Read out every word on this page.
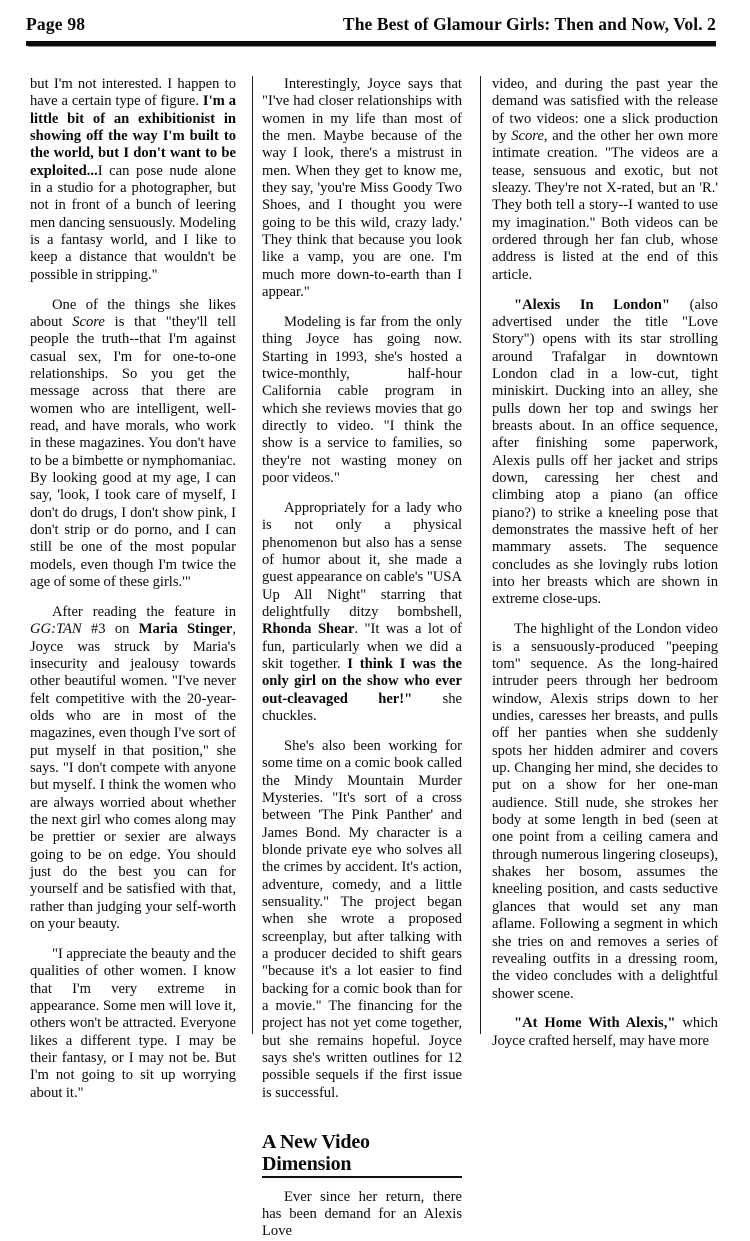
Page 98	The Best of Glamour Girls: Then and Now, Vol. 2

but I'm not interested. I happen to have a certain type of figure. I'm a little bit of an exhibitionist in showing off the way I'm built to the world, but I don't want to be exploited...I can pose nude alone in a studio for a photographer, but not in front of a bunch of leering men dancing sensuously. Modeling is a fantasy world, and I like to keep a distance that wouldn't be possible in stripping."

One of the things she likes about Score is that "they'll tell people the truth--that I'm against casual sex, I'm for one-to-one relationships. So you get the message across that there are women who are intelligent, well-read, and have morals, who work in these magazines. You don't have to be a bimbette or nymphomaniac. By looking good at my age, I can say, 'look, I took care of myself, I don't do drugs, I don't show pink, I don't strip or do porno, and I can still be one of the most popular models, even though I'm twice the age of some of these girls.'"

After reading the feature in GG:TAN #3 on Maria Stinger, Joyce was struck by Maria's insecurity and jealousy towards other beautiful women. "I've never felt competitive with the 20-year-olds who are in most of the magazines, even though I've sort of put myself in that position," she says. "I don't compete with anyone but myself. I think the women who are always worried about whether the next girl who comes along may be prettier or sexier are always going to be on edge. You should just do the best you can for yourself and be satisfied with that, rather than judging your self-worth on your beauty.

"I appreciate the beauty and the qualities of other women. I know that I'm very extreme in appearance. Some men will love it, others won't be attracted. Everyone likes a different type. I may be their fantasy, or I may not be. But I'm not going to sit up worrying about it."

Interestingly, Joyce says that "I've had closer relationships with women in my life than most of the men. Maybe because of the way I look, there's a mistrust in men. When they get to know me, they say, 'you're Miss Goody Two Shoes, and I thought you were going to be this wild, crazy lady.' They think that because you look like a vamp, you are one. I'm much more down-to-earth than I appear."

Modeling is far from the only thing Joyce has going now. Starting in 1993, she's hosted a twice-monthly, half-hour California cable program in which she reviews movies that go directly to video. "I think the show is a service to families, so they're not wasting money on poor videos."

Appropriately for a lady who is not only a physical phenomenon but also has a sense of humor about it, she made a guest appearance on cable's "USA Up All Night" starring that delightfully ditzy bombshell, Rhonda Shear. "It was a lot of fun, particularly when we did a skit together. I think I was the only girl on the show who ever out-cleavaged her!" she chuckles.

She's also been working for some time on a comic book called the Mindy Mountain Murder Mysteries. "It's sort of a cross between 'The Pink Panther' and James Bond. My character is a blonde private eye who solves all the crimes by accident. It's action, adventure, comedy, and a little sensuality." The project began when she wrote a proposed screenplay, but after talking with a producer decided to shift gears "because it's a lot easier to find backing for a comic book than for a movie." The financing for the project has not yet come together, but she remains hopeful. Joyce says she's written outlines for 12 possible sequels if the first issue is successful.

A New Video Dimension

Ever since her return, there has been demand for an Alexis Love

video, and during the past year the demand was satisfied with the release of two videos: one a slick production by Score, and the other her own more intimate creation. "The videos are a tease, sensuous and exotic, but not sleazy. They're not X-rated, but an 'R.' They both tell a story--I wanted to use my imagination." Both videos can be ordered through her fan club, whose address is listed at the end of this article.

"Alexis In London" (also advertised under the title "Love Story") opens with its star strolling around Trafalgar in downtown London clad in a low-cut, tight miniskirt. Ducking into an alley, she pulls down her top and swings her breasts about. In an office sequence, after finishing some paperwork, Alexis pulls off her jacket and strips down, caressing her chest and climbing atop a piano (an office piano?) to strike a kneeling pose that demonstrates the massive heft of her mammary assets. The sequence concludes as she lovingly rubs lotion into her breasts which are shown in extreme close-ups.

The highlight of the London video is a sensuously-produced "peeping tom" sequence. As the long-haired intruder peers through her bedroom window, Alexis strips down to her undies, caresses her breasts, and pulls off her panties when she suddenly spots her hidden admirer and covers up. Changing her mind, she decides to put on a show for her one-man audience. Still nude, she strokes her body at some length in bed (seen at one point from a ceiling camera and through numerous lingering closeups), shakes her bosom, assumes the kneeling position, and casts seductive glances that would set any man aflame. Following a segment in which she tries on and removes a series of revealing outfits in a dressing room, the video concludes with a delightful shower scene.

"At Home With Alexis," which Joyce crafted herself, may have more
